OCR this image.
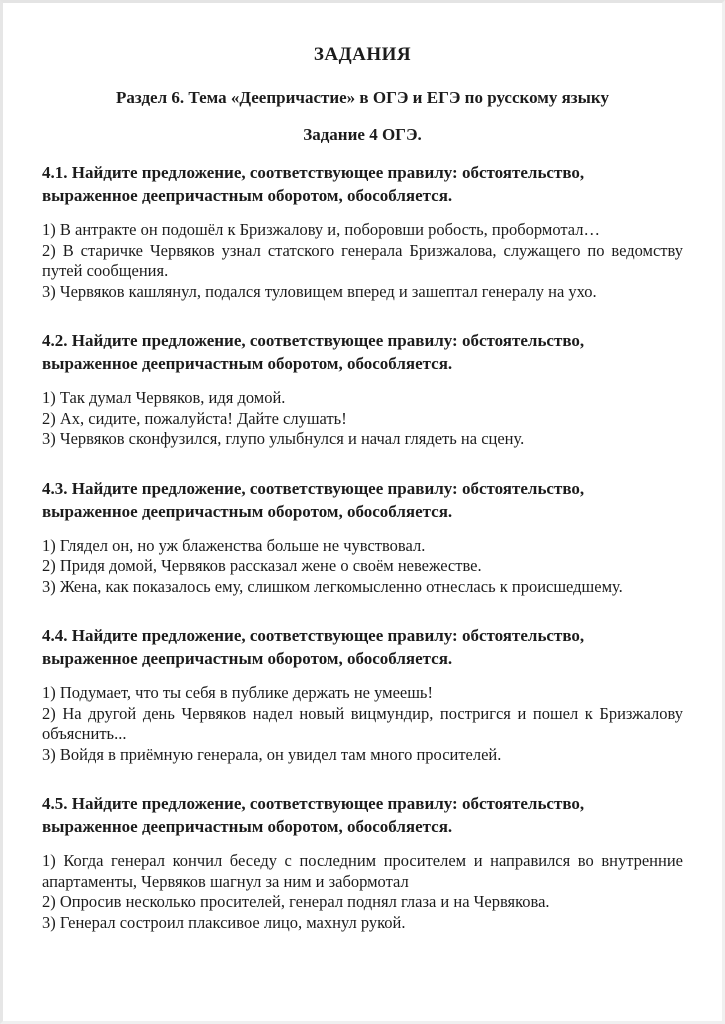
ЗАДАНИЯ
Раздел 6. Тема «Деепричастие» в ОГЭ и ЕГЭ по русскому языку
Задание 4 ОГЭ.

4.1. Найдите предложение, соответствующее правилу: обстоятельство, выраженное деепричастным оборотом, обособляется.

1) В антракте он подошёл к Бризжалову и, поборовши робость, пробормотал…

2) В старичке Червяков узнал статского генерала Бризжалова, служащего по ведомству путей сообщения.

3) Червяков кашлянул, подался туловищем вперед и зашептал генералу на ухо.

4.2. Найдите предложение, соответствующее правилу: обстоятельство, выраженное деепричастным оборотом, обособляется.

1) Так думал Червяков, идя домой.

2) Ах, сидите, пожалуйста! Дайте слушать!

3) Червяков сконфузился, глупо улыбнулся и начал глядеть на сцену.

4.3. Найдите предложение, соответствующее правилу: обстоятельство, выраженное деепричастным оборотом, обособляется.

1) Глядел он, но уж блаженства больше не чувствовал.

2) Придя домой, Червяков рассказал жене о своём невежестве.

3) Жена, как показалось ему, слишком легкомысленно отнеслась к происшедшему.

4.4. Найдите предложение, соответствующее правилу: обстоятельство, выраженное деепричастным оборотом, обособляется.

1) Подумает, что ты себя в публике держать не умеешь!

2) На другой день Червяков надел новый вицмундир, постригся и пошел к Бризжалову объяснить...

3) Войдя в приёмную генерала, он увидел там много просителей.

4.5. Найдите предложение, соответствующее правилу: обстоятельство, выраженное деепричастным оборотом, обособляется.

1) Когда генерал кончил беседу с последним просителем и направился во внутренние апартаменты, Червяков шагнул за ним и забормотал

2) Опросив несколько просителей, генерал поднял глаза и на Червякова.

3) Генерал состроил плаксивое лицо, махнул рукой.
